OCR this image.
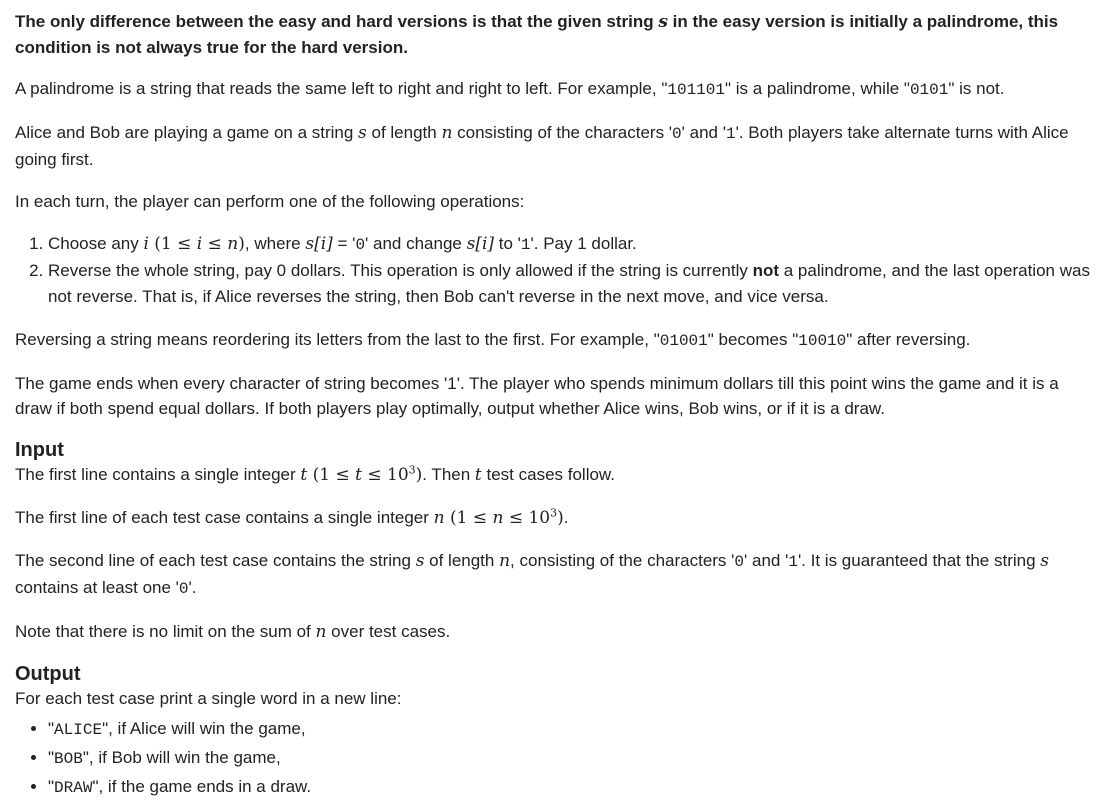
The only difference between the easy and hard versions is that the given string s in the easy version is initially a palindrome, this condition is not always true for the hard version.

A palindrome is a string that reads the same left to right and right to left. For example, "101101" is a palindrome, while "0101" is not.

Alice and Bob are playing a game on a string s of length n consisting of the characters '0' and '1'. Both players take alternate turns with Alice going first.

In each turn, the player can perform one of the following operations:

1. Choose any i (1 ≤ i ≤ n), where s[i] = '0' and change s[i] to '1'. Pay 1 dollar.
2. Reverse the whole string, pay 0 dollars. This operation is only allowed if the string is currently not a palindrome, and the last operation was not reverse. That is, if Alice reverses the string, then Bob can't reverse in the next move, and vice versa.

Reversing a string means reordering its letters from the last to the first. For example, "01001" becomes "10010" after reversing.

The game ends when every character of string becomes '1'. The player who spends minimum dollars till this point wins the game and it is a draw if both spend equal dollars. If both players play optimally, output whether Alice wins, Bob wins, or if it is a draw.

Input

The first line contains a single integer t $(1 \le t \le 10^3)$. Then t test cases follow.

The first line of each test case contains a single integer n $(1 \le n \le 10^3)$.

The second line of each test case contains the string s of length n, consisting of the characters '0' and '1'. It is guaranteed that the string s contains at least one '0'.

Note that there is no limit on the sum of n over test cases.

Output
For each test case print a single word in a new line:
• "ALICE", if Alice will win the game,
• "BOB", if Bob will win the game,
• "DRAW", if the game ends in a draw.
